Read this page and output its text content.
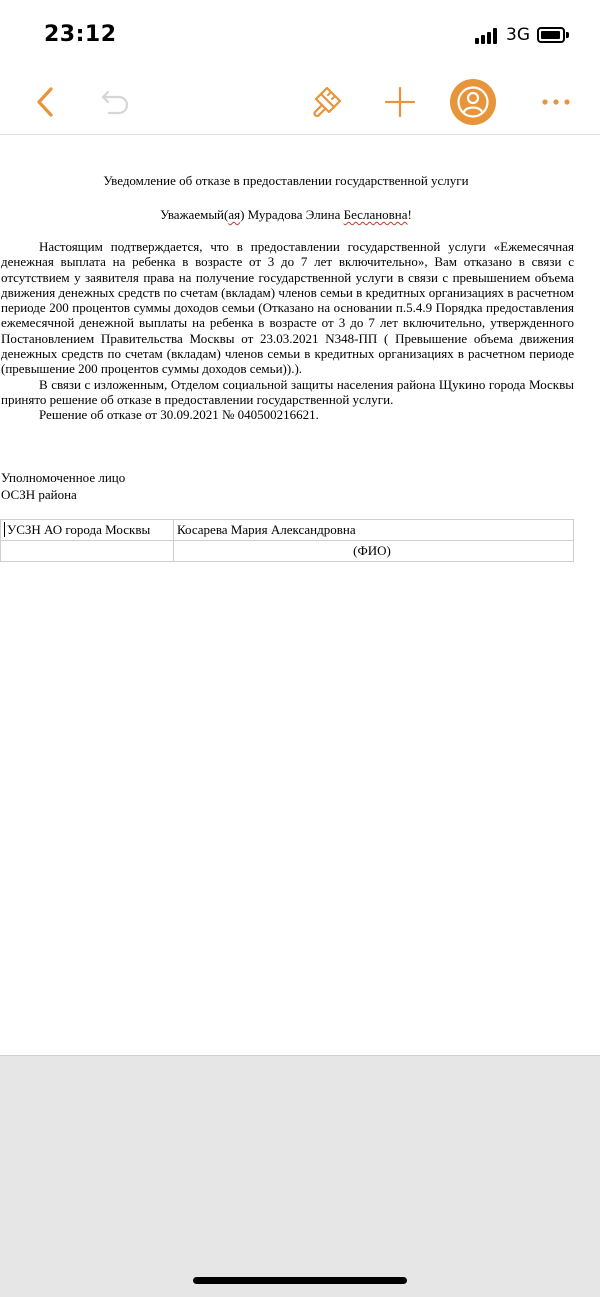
23:12	3G
Уведомление об отказе в предоставлении государственной услуги
Уважаемый(ая) Мурадова Элина Бесла‌новна!

Настоящим подтверждается, что в предоставлении государственной услуги «Ежемесячная денежная выплата на ребенка в возрасте от 3 до 7 лет включительно», Вам отказано в связи с отсутствием у заявителя права на получение государственной услуги в связи с превышением объема движения денежных средств по счетам (вкладам) членов семьи в кредитных организациях в расчетном периоде 200 процентов суммы доходов семьи (Отказано на основании п.5.4.9 Порядка предоставления ежемесячной денежной выплаты на ребенка в возрасте от 3 до 7 лет включительно, утвержденного Постановлением Правительства Москвы от 23.03.2021 N348-ПП ( Превышение объема движения денежных средств по счетам (вкладам) членов семьи в кредитных организациях в расчетном периоде (превышение 200 процентов суммы доходов семьи)).).

В связи с изложенным, Отделом социальной защиты населения района Щукино города Москвы принято решение об отказе в предоставлении государственной услуги.

Решение об отказе от 30.09.2021 № 040500216621.

Уполномоченное лицо
ОСЗН района
УСЗН АО города Москвы	Косарева Мария Александровна
	(ФИО)
